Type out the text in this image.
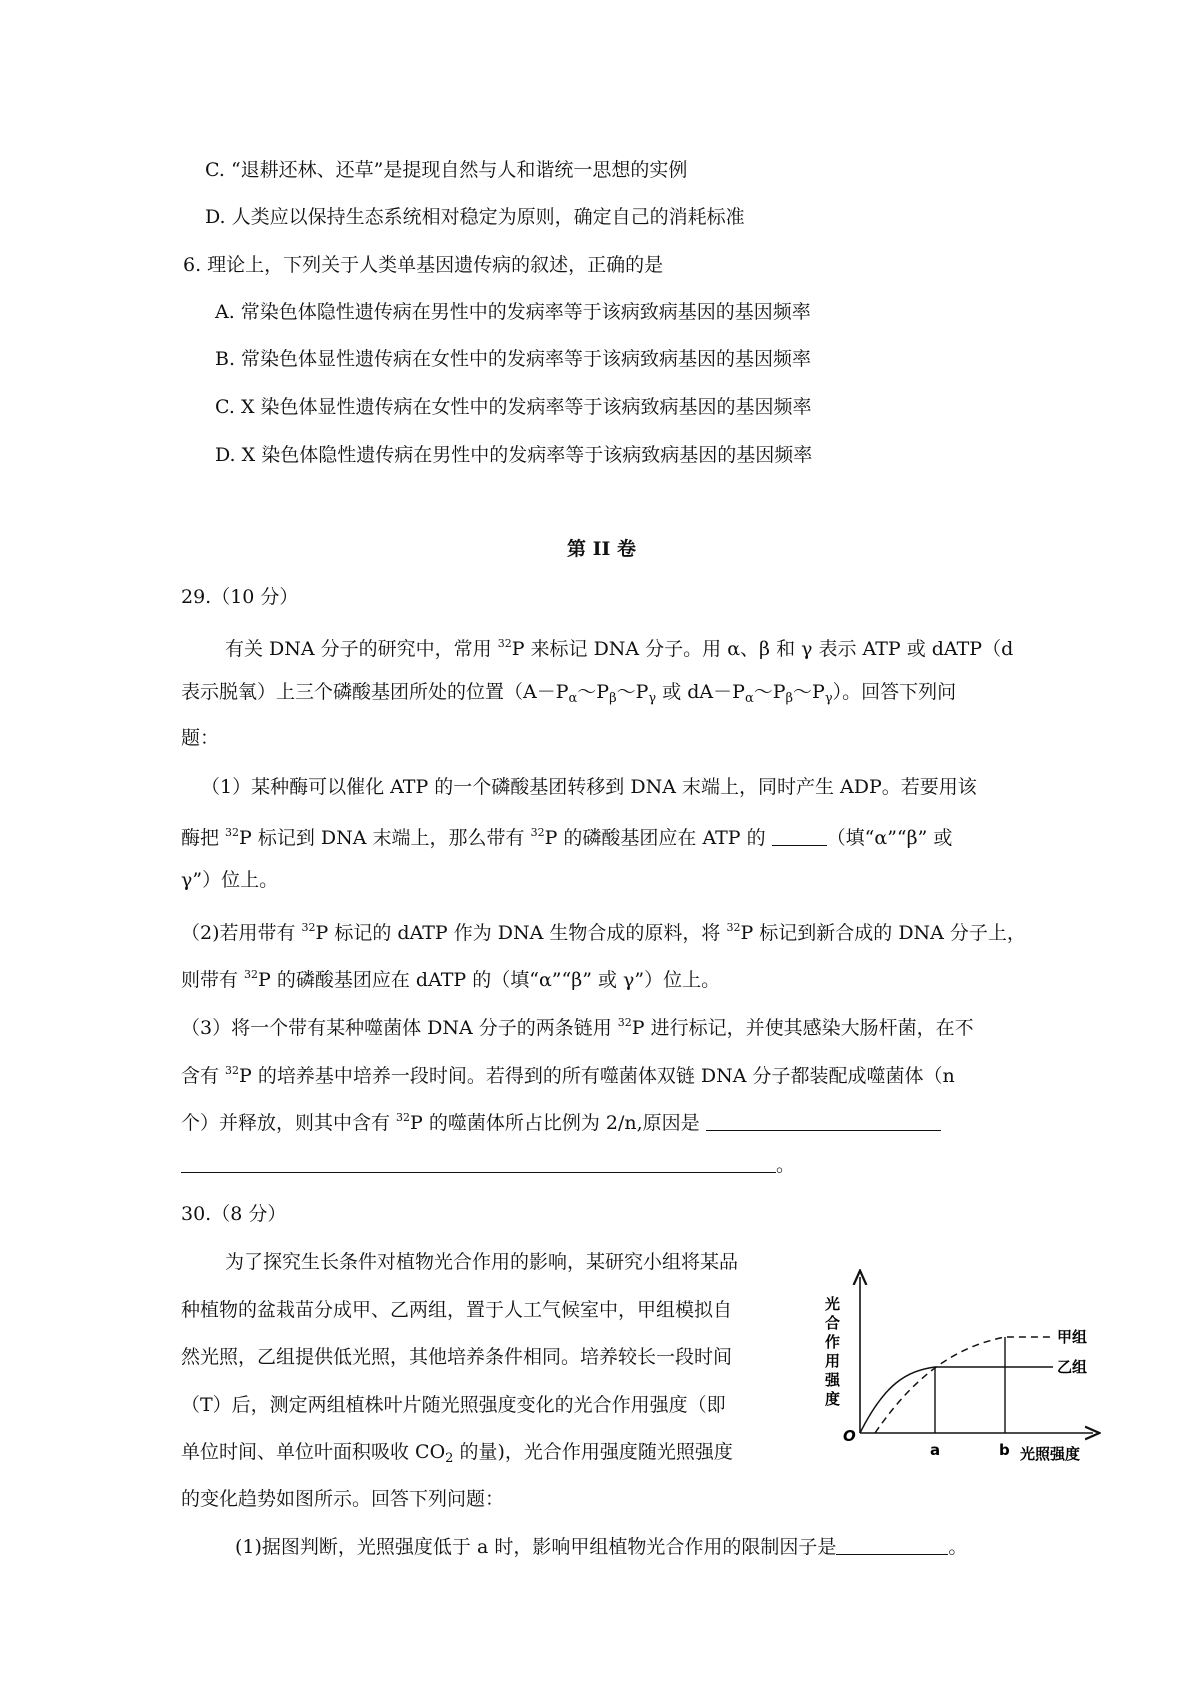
C. “退耕还林、还草”是提现自然与人和谐统一思想的实例
D. 人类应以保持生态系统相对稳定为原则，确定自己的消耗标准
6. 理论上，下列关于人类单基因遗传病的叙述，正确的是
A. 常染色体隐性遗传病在男性中的发病率等于该病致病基因的基因频率
B. 常染色体显性遗传病在女性中的发病率等于该病致病基因的基因频率
C. X 染色体显性遗传病在女性中的发病率等于该病致病基因的基因频率
D. X 染色体隐性遗传病在男性中的发病率等于该病致病基因的基因频率
第 II 卷
29.（10 分）
有关 DNA 分子的研究中，常用 $^{32}$P 来标记 DNA 分子。用 α、β 和 γ 表示 ATP 或 dATP（d
表示脱氧）上三个磷酸基团所处的位置（$A-P_\alpha\sim P_\beta\sim P_\gamma$ 或 $dA-P_\alpha\sim P_\beta\sim P_\gamma$）。回答下列问
题：
（1）某种酶可以催化 ATP 的一个磷酸基团转移到 DNA 末端上，同时产生 ADP。若要用该
酶把 $^{32}$P 标记到 DNA 末端上，那么带有 $^{32}$P 的磷酸基团应在 ATP 的	（填“α”“β” 或
γ”）位上。
（2)若用带有 $^{32}$P 标记的 dATP 作为 DNA 生物合成的原料，将 $^{32}$P 标记到新合成的 DNA 分子上，
则带有 $^{32}$P 的磷酸基团应在 dATP 的（填“α”“β” 或 γ”）位上。
（3）将一个带有某种噬菌体 DNA 分子的两条链用 $^{32}$P 进行标记，并使其感染大肠杆菌，在不
含有 $^{32}$P 的培养基中培养一段时间。若得到的所有噬菌体双链 DNA 分子都装配成噬菌体（n
个）并释放，则其中含有 $^{32}$P 的噬菌体所占比例为 2/n,原因是
。
30.（8 分）
为了探究生长条件对植物光合作用的影响，某研究小组将某品
种植物的盆栽苗分成甲、乙两组，置于人工气候室中，甲组模拟自
然光照，乙组提供低光照，其他培养条件相同。培养较长一段时间
（T）后，测定两组植株叶片随光照强度变化的光合作用强度（即
单位时间、单位叶面积吸收 $CO_2$ 的量)，光合作用强度随光照强度
的变化趋势如图所示。回答下列问题：
(1)据图判断，光照强度低于 a 时，影响甲组植物光合作用的限制因子是	。
光
合
作
用
强
度
O
a	b 光照强度
甲组
乙组
